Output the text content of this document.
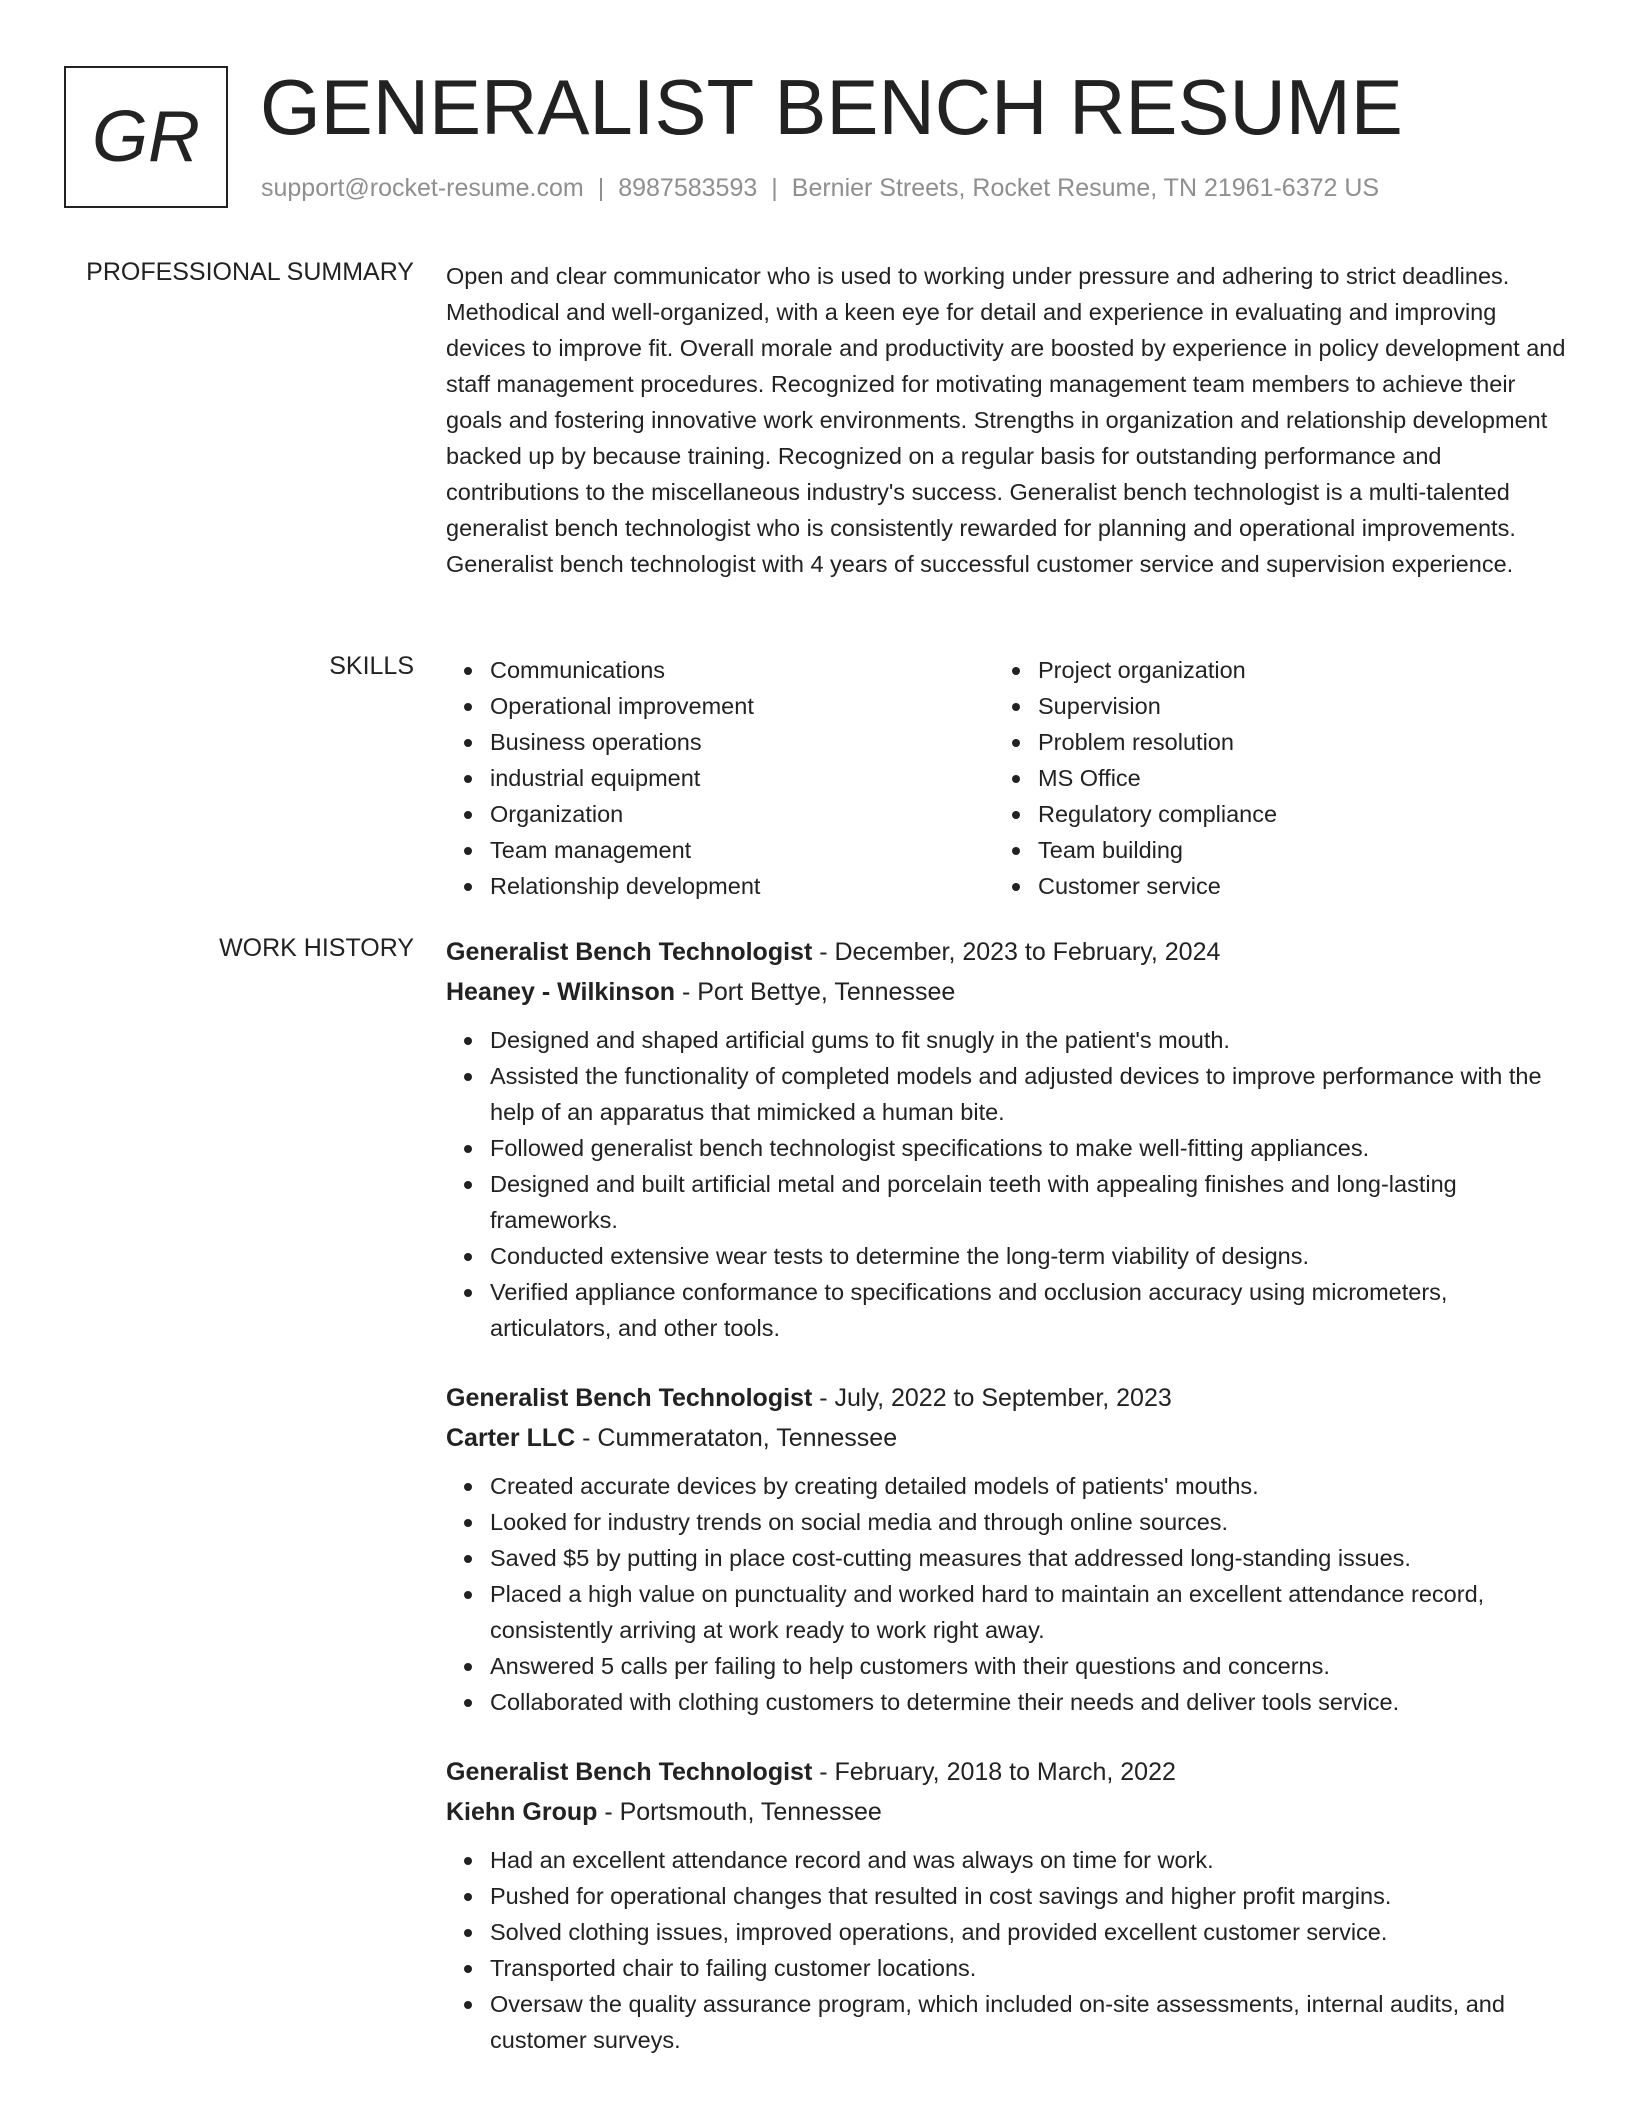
GR GENERALIST BENCH RESUME
support@rocket-resume.com | 8987583593 | Bernier Streets, Rocket Resume, TN 21961-6372 US
PROFESSIONAL SUMMARY Open and clear communicator who is used to working under pressure and adhering to strict deadlines. Methodical and well-organized, with a keen eye for detail and experience in evaluating and improving devices to improve fit. Overall morale and productivity are boosted by experience in policy development and staff management procedures. Recognized for motivating management team members to achieve their goals and fostering innovative work environments. Strengths in organization and relationship development backed up by because training. Recognized on a regular basis for outstanding performance and contributions to the miscellaneous industry's success. Generalist bench technologist is a multi-talented generalist bench technologist who is consistently rewarded for planning and operational improvements. Generalist bench technologist with 4 years of successful customer service and supervision experience.

SKILLS	Communications
Operational improvement
Business operations
industrial equipment
Organization
Team management
Relationship development
Project organization
Supervision
Problem resolution
MS Office
Regulatory compliance
Team building
Customer service
WORK HISTORY Generalist Bench Technologist - December, 2023 to February, 2024
Heaney - Wilkinson - Port Bettye, Tennessee
Designed and shaped artificial gums to fit snugly in the patient's mouth.
Assisted the functionality of completed models and adjusted devices to improve performance with the help of an apparatus that mimicked a human bite.
Followed generalist bench technologist specifications to make well-fitting appliances.
Designed and built artificial metal and porcelain teeth with appealing finishes and long-lasting frameworks.
Conducted extensive wear tests to determine the long-term viability of designs.
Verified appliance conformance to specifications and occlusion accuracy using micrometers, articulators, and other tools.
Generalist Bench Technologist - July, 2022 to September, 2023
Carter LLC - Cummerataton, Tennessee
Created accurate devices by creating detailed models of patients' mouths.
Looked for industry trends on social media and through online sources.
Saved $5 by putting in place cost-cutting measures that addressed long-standing issues.
Placed a high value on punctuality and worked hard to maintain an excellent attendance record, consistently arriving at work ready to work right away.
Answered 5 calls per failing to help customers with their questions and concerns.
Collaborated with clothing customers to determine their needs and deliver tools service.
Generalist Bench Technologist - February, 2018 to March, 2022
Kiehn Group - Portsmouth, Tennessee
Had an excellent attendance record and was always on time for work.
Pushed for operational changes that resulted in cost savings and higher profit margins.
Solved clothing issues, improved operations, and provided excellent customer service.
Transported chair to failing customer locations.
Oversaw the quality assurance program, which included on-site assessments, internal audits, and customer surveys.
